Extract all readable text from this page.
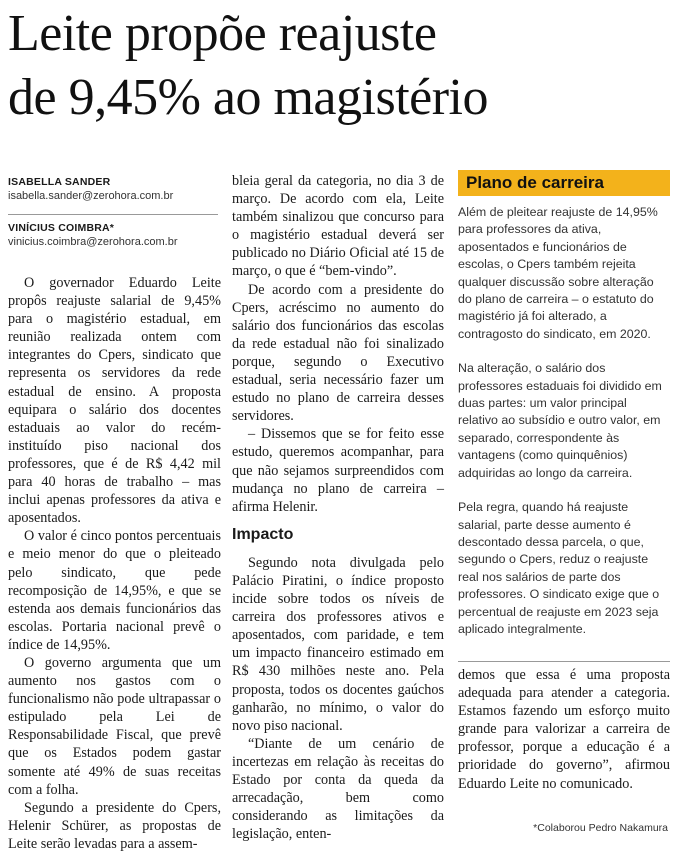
Leite propõe reajuste
de 9,45% ao magistério
ISABELLA SANDER
isabella.sander@zerohora.com.br
VINÍCIUS COIMBRA*
vinicius.coimbra@zerohora.com.br

O governador Eduardo Leite propôs reajuste salarial de 9,45% para o magistério estadual, em reunião realizada ontem com integrantes do Cpers, sindicato que representa os servidores da rede estadual de ensino. A proposta equipara o salário dos docentes estaduais ao valor do recém-instituído piso nacional dos professores, que é de R$ 4,42 mil para 40 horas de trabalho – mas inclui apenas professores da ativa e aposentados.

O valor é cinco pontos percentuais e meio menor do que o pleiteado pelo sindicato, que pede recomposição de 14,95%, e que se estenda aos demais funcionários das escolas. Portaria nacional prevê o índice de 14,95%.

O governo argumenta que um aumento nos gastos com o funcionalismo não pode ultrapassar o estipulado pela Lei de Responsabilidade Fiscal, que prevê que os Estados podem gastar somente até 49% de suas receitas com a folha.

Segundo a presidente do Cpers, Helenir Schürer, as propostas de Leite serão levadas para a assem-

bleia geral da categoria, no dia 3 de março. De acordo com ela, Leite também sinalizou que concurso para o magistério estadual deverá ser publicado no Diário Oficial até 15 de março, o que é “bem-vindo”.

De acordo com a presidente do Cpers, acréscimo no aumento do salário dos funcionários das escolas da rede estadual não foi sinalizado porque, segundo o Executivo estadual, seria necessário fazer um estudo no plano de carreira desses servidores.

– Dissemos que se for feito esse estudo, queremos acompanhar, para que não sejamos surpreendidos com mudança no plano de carreira – afirma Helenir.

Impacto

Segundo nota divulgada pelo Palácio Piratini, o índice proposto incide sobre todos os níveis de carreira dos professores ativos e aposentados, com paridade, e tem um impacto financeiro estimado em R$ 430 milhões neste ano. Pela proposta, todos os docentes gaúchos ganharão, no mínimo, o valor do novo piso nacional.

“Diante de um cenário de incertezas em relação às receitas do Estado por conta da queda da arrecadação, bem como considerando as limitações da legislação, enten-

Plano de carreira

Além de pleitear reajuste de 14,95% para professores da ativa, aposentados e funcionários de escolas, o Cpers também rejeita qualquer discussão sobre alteração do plano de carreira – o estatuto do magistério já foi alterado, a contragosto do sindicato, em 2020.

Na alteração, o salário dos professores estaduais foi dividido em duas partes: um valor principal relativo ao subsídio e outro valor, em separado, correspondente às vantagens (como quinquênios) adquiridas ao longo da carreira.

Pela regra, quando há reajuste salarial, parte desse aumento é descontado dessa parcela, o que, segundo o Cpers, reduz o reajuste real nos salários de parte dos professores. O sindicato exige que o percentual de reajuste em 2023 seja aplicado integralmente.

demos que essa é uma proposta adequada para atender a categoria. Estamos fazendo um esforço muito grande para valorizar a carreira de professor, porque a educação é a prioridade do governo”, afirmou Eduardo Leite no comunicado.

*Colaborou Pedro Nakamura
